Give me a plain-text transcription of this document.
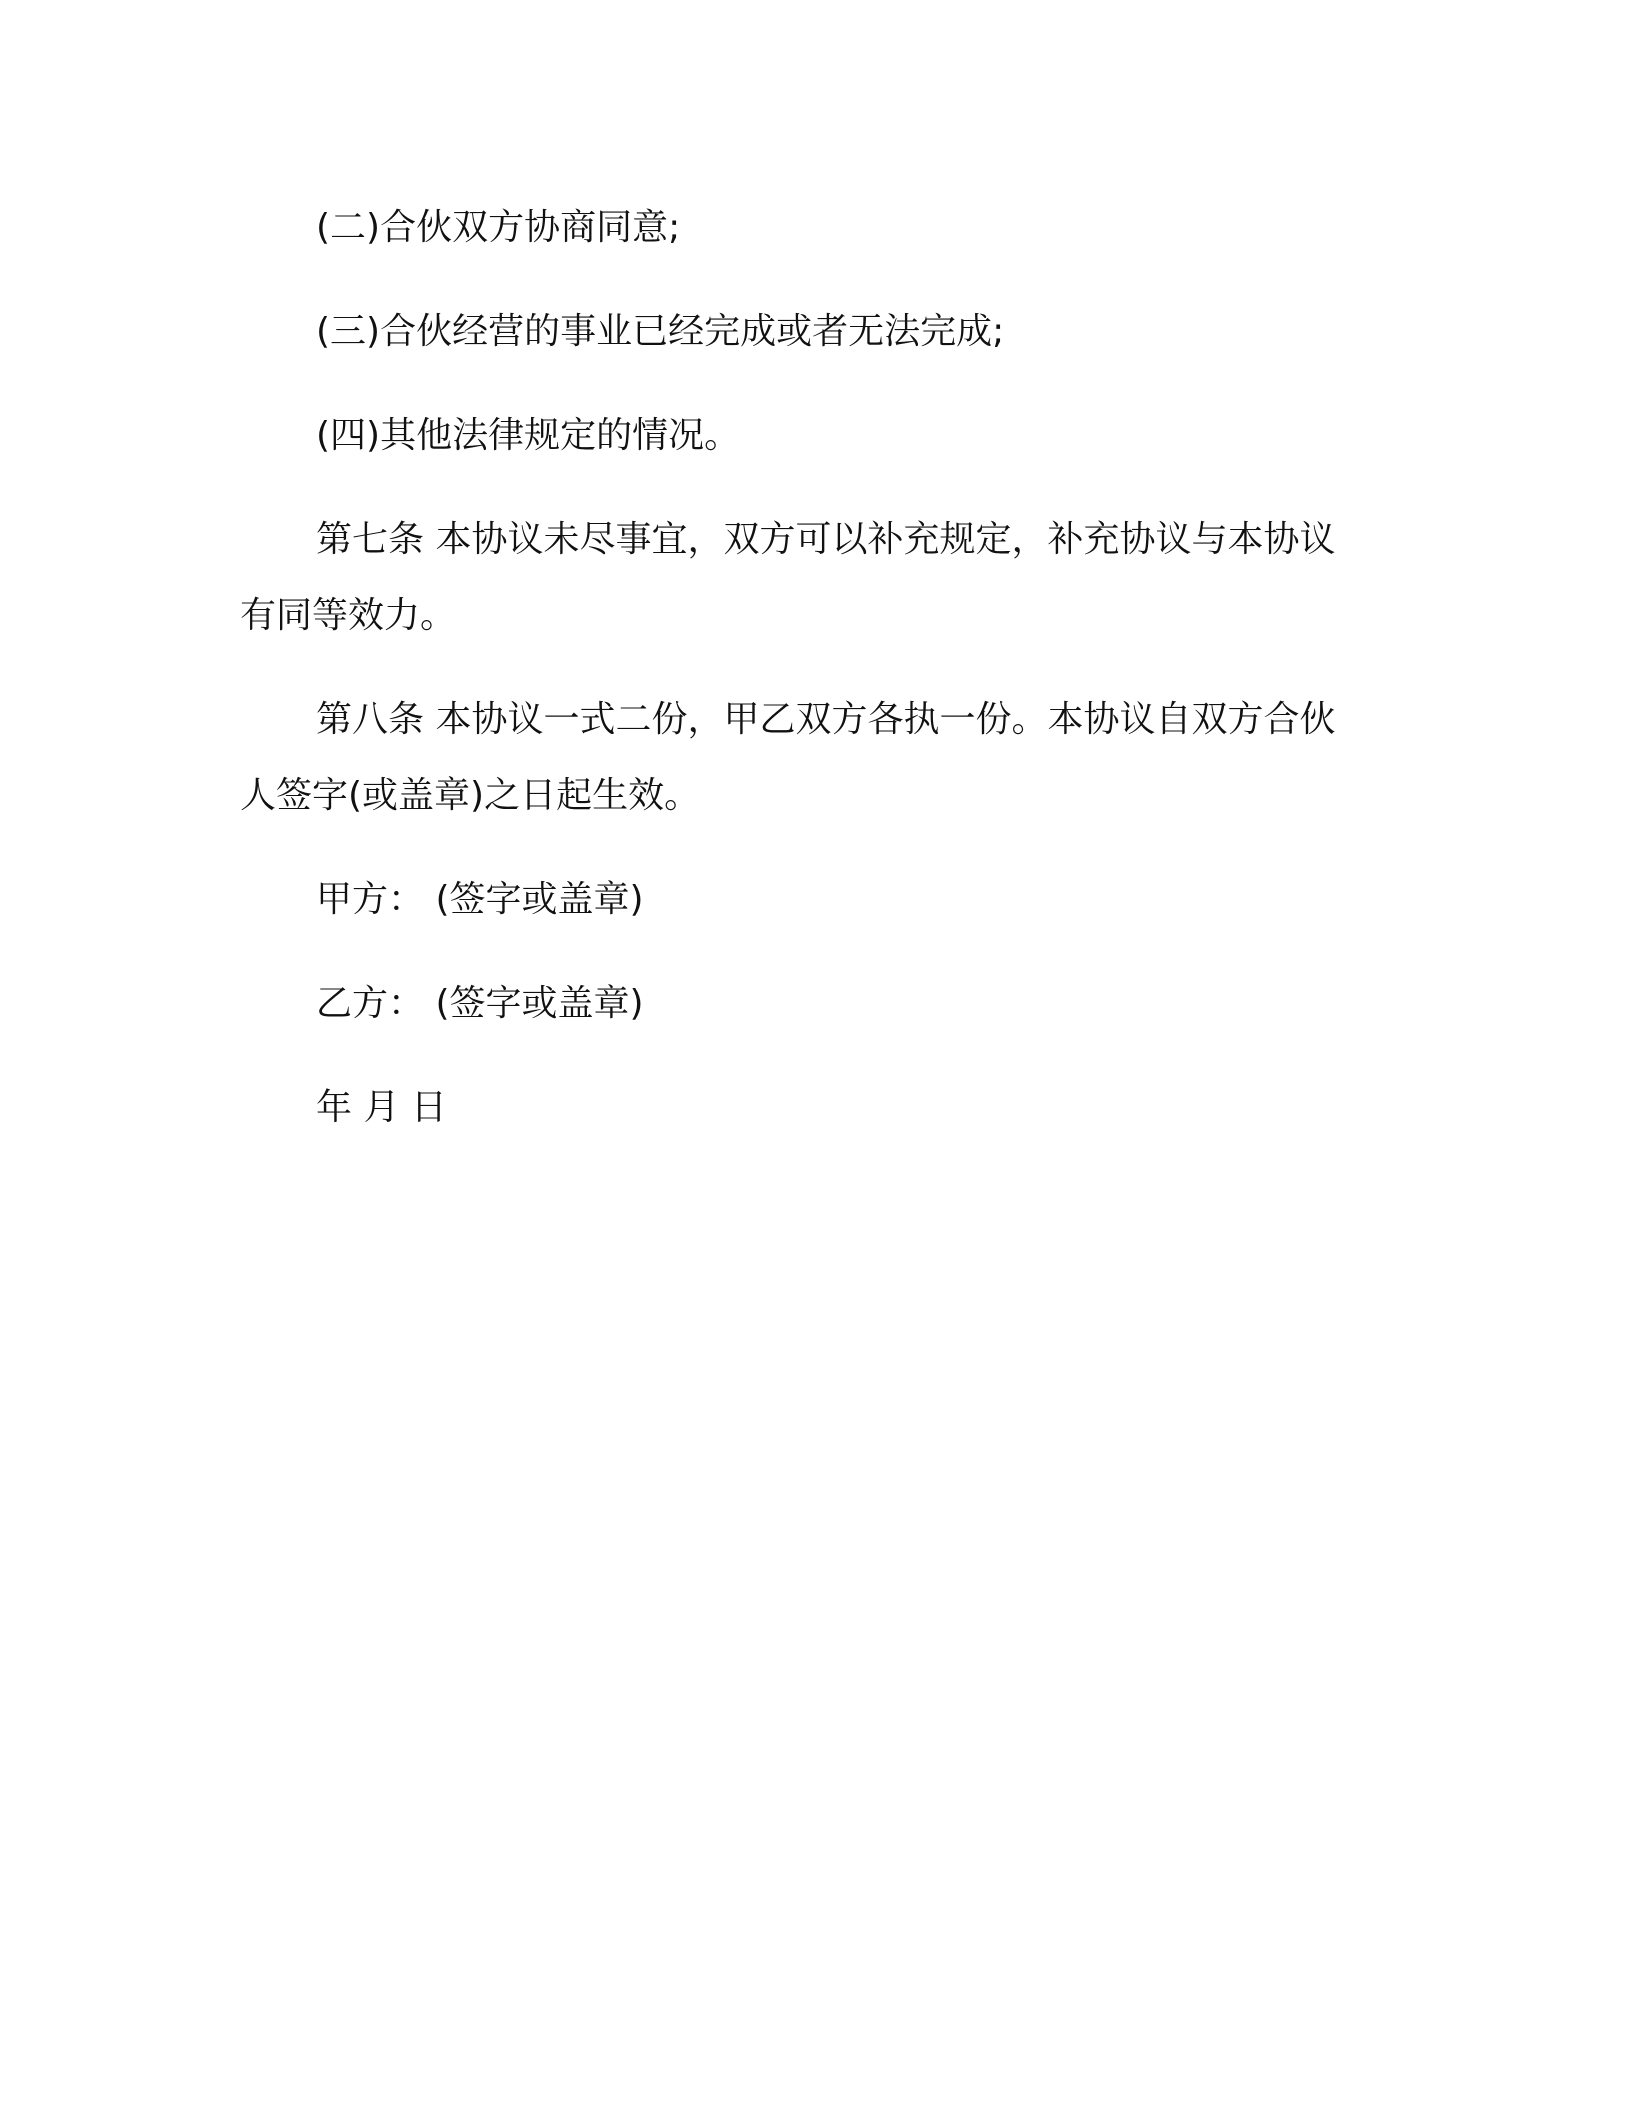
(二)合伙双方协商同意;

(三)合伙经营的事业已经完成或者无法完成;

(四)其他法律规定的情况。

第七条 本协议未尽事宜，双方可以补充规定，补充协议与本协议有同等效力。

第八条 本协议一式二份，甲乙双方各执一份。本协议自双方合伙人签字(或盖章)之日起生效。

甲方： (签字或盖章)

乙方： (签字或盖章)

年 月 日
